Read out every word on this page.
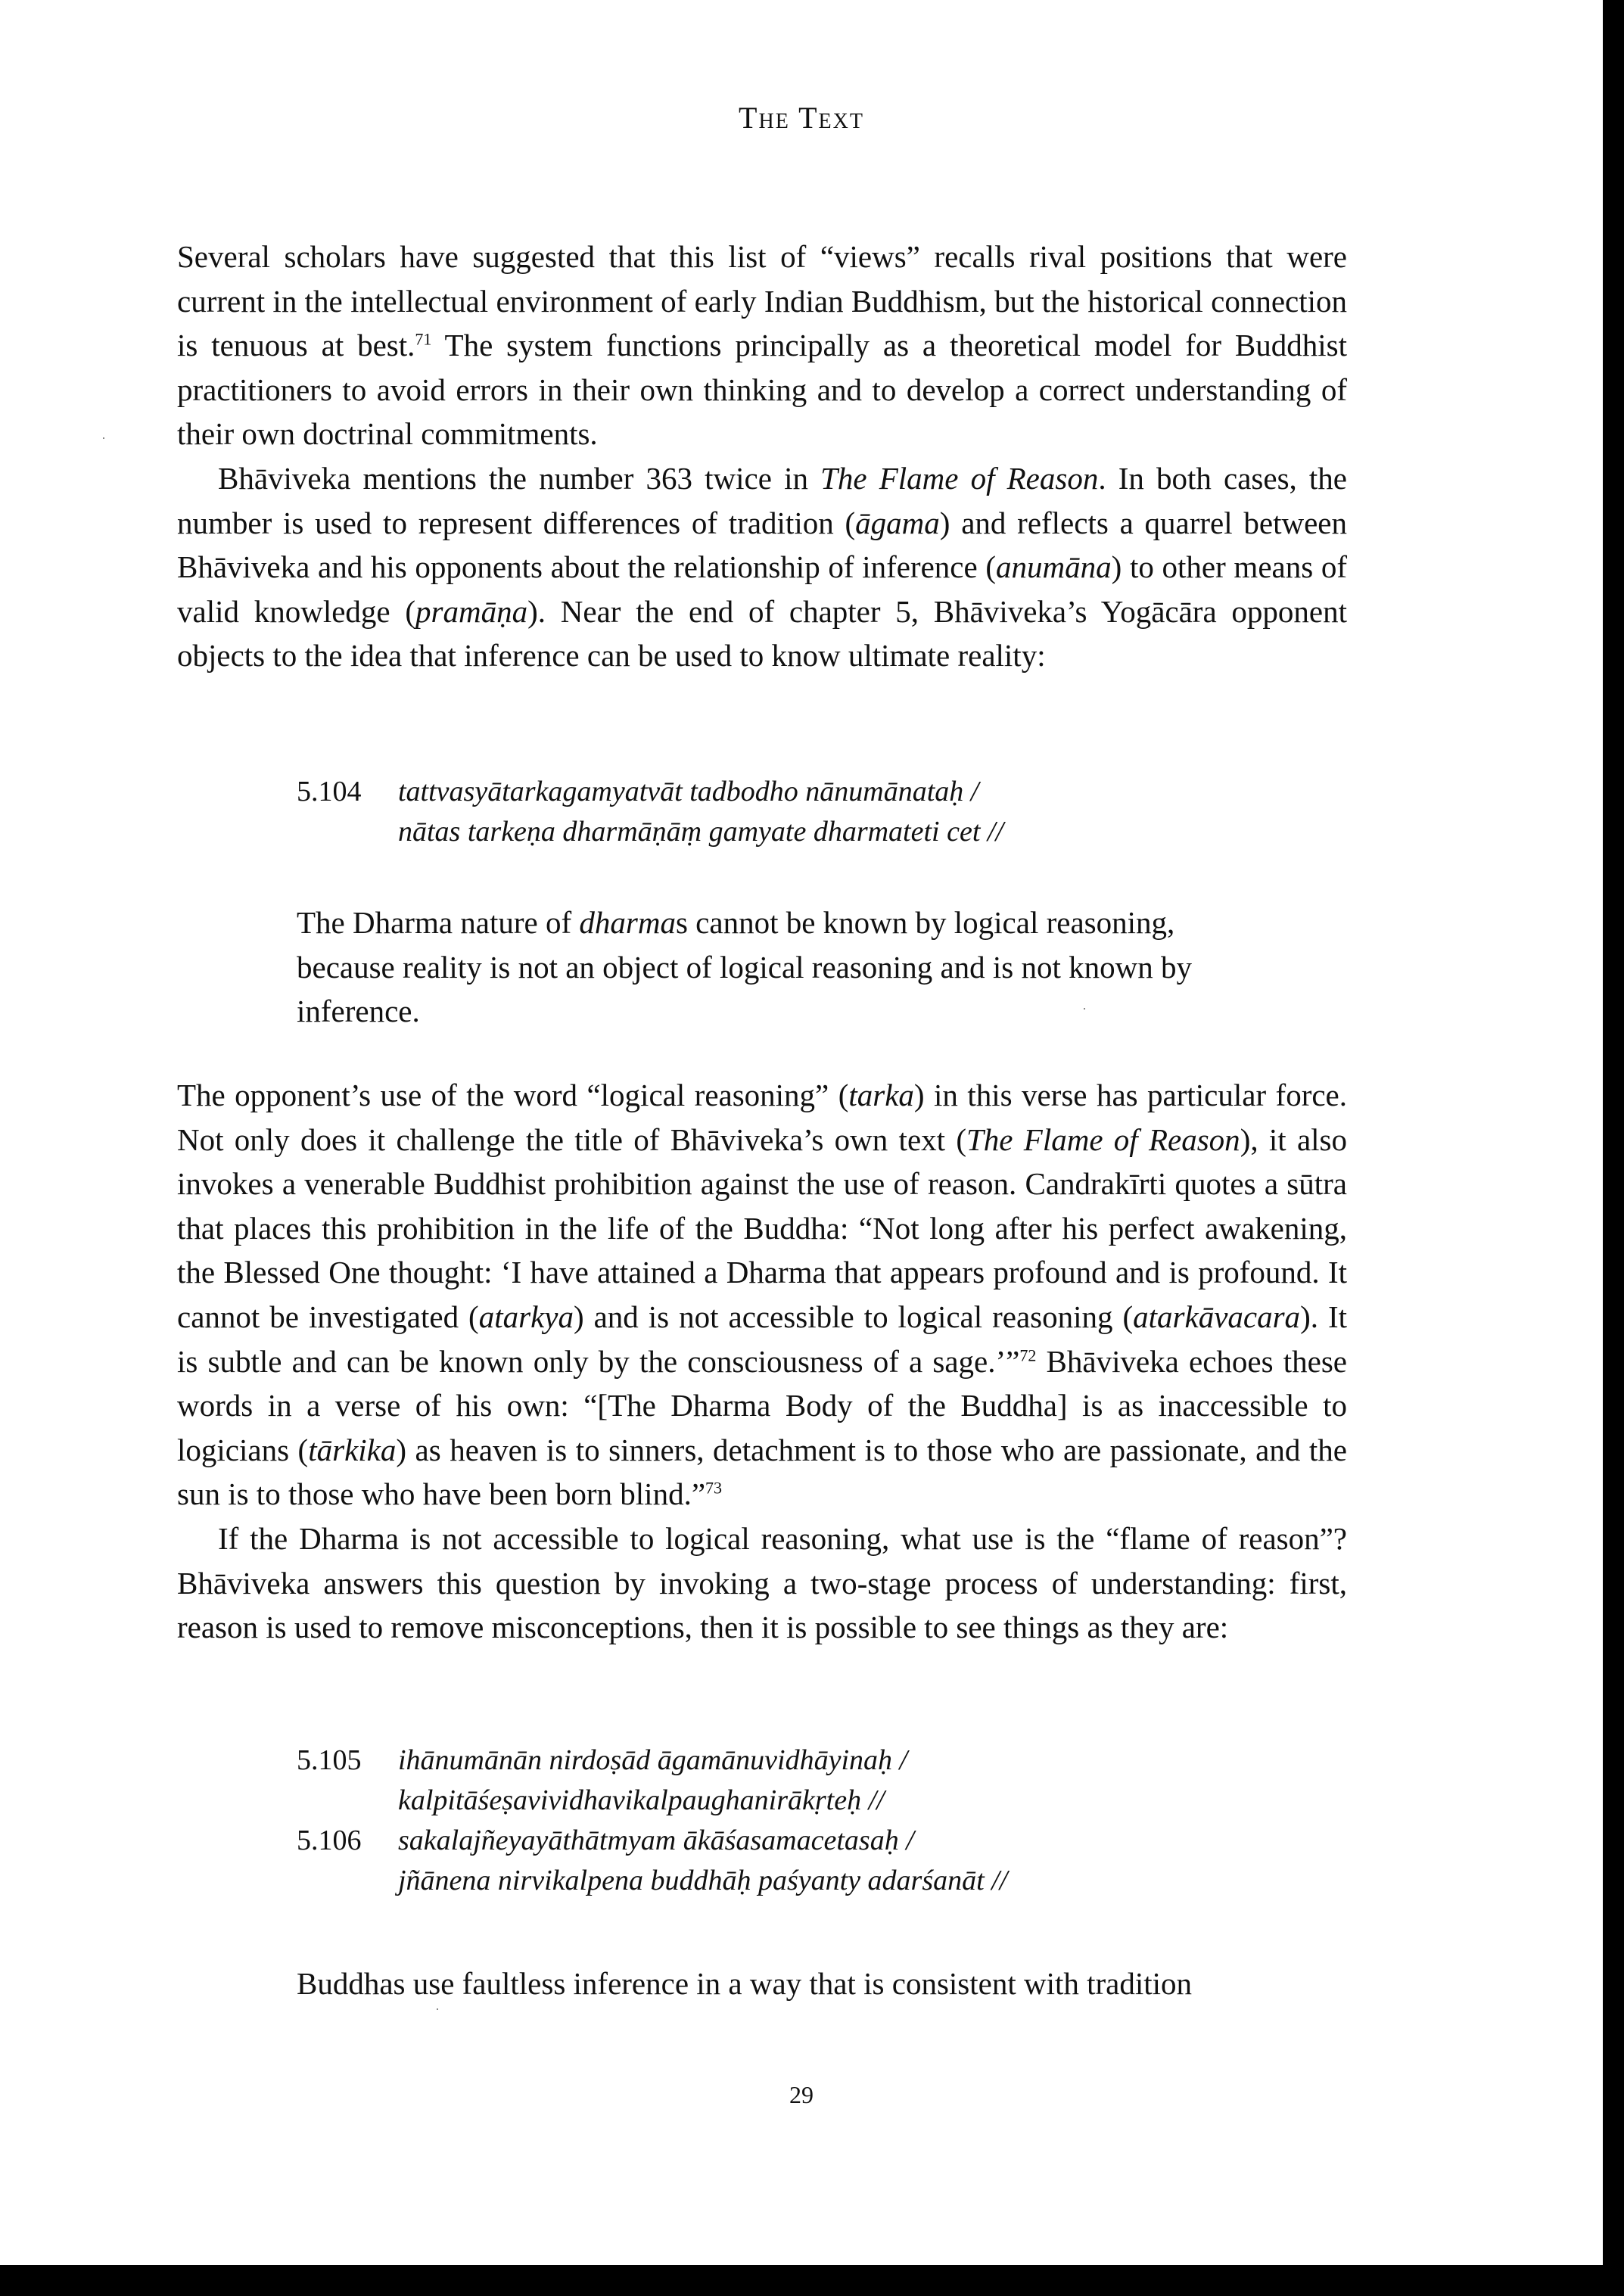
The Text

Several scholars have suggested that this list of “views” recalls rival positions that were current in the intellectual environment of early Indian Buddhism, but the historical connection is tenuous at best.$^{71}$ The system functions principally as a theoretical model for Buddhist practitioners to avoid errors in their own thinking and to develop a correct understanding of their own doctrinal commitments.

Bhāviveka mentions the number 363 twice in The Flame of Reason. In both cases, the number is used to represent differences of tradition (āgama) and reflects a quarrel between Bhāviveka and his opponents about the relationship of inference (anumāna) to other means of valid knowledge (pramāṇa). Near the end of chapter 5, Bhāviveka’s Yogācāra opponent objects to the idea that inference can be used to know ultimate reality:

5.104	tattvasyātarkagamyatvāt tadbodho nānumānatаḥ /
nātas tarkeṇa dharmāṇāṃ gamyate dharmateti cet //
The Dharma nature of dharmas cannot be known by logical reasoning, because reality is not an object of logical reasoning and is not known by inference.

The opponent’s use of the word “logical reasoning” (tarka) in this verse has particular force. Not only does it challenge the title of Bhāviveka’s own text (The Flame of Reason), it also invokes a venerable Buddhist prohibition against the use of reason. Candrakīrti quotes a sūtra that places this prohibition in the life of the Buddha: “Not long after his perfect awakening, the Blessed One thought: ‘I have attained a Dharma that appears profound and is profound. It cannot be investigated (atarkya) and is not accessible to logical reasoning (atarkāvacara). It is subtle and can be known only by the consciousness of a sage.’”$^{72}$ Bhāviveka echoes these words in a verse of his own: “[The Dharma Body of the Buddha] is as inaccessible to logicians (tārkika) as heaven is to sinners, detachment is to those who are passionate, and the sun is to those who have been born blind.”$^{73}$

If the Dharma is not accessible to logical reasoning, what use is the “flame of reason”? Bhāviveka answers this question by invoking a two-stage process of understanding: first, reason is used to remove misconceptions, then it is possible to see things as they are:

5.105	ihānumānān nirdoṣād āgamānuvidhāyinaḥ /
kalpitāśeṣavividhavikalpaughanirākṛteḥ //
5.106	sakalajñeyayāthātmyam ākāśasamacetasaḥ /
jñānena nirvikalpena buddhāḥ paśyanty adarśanāt //
Buddhas use faultless inference in a way that is consistent with tradition
29
